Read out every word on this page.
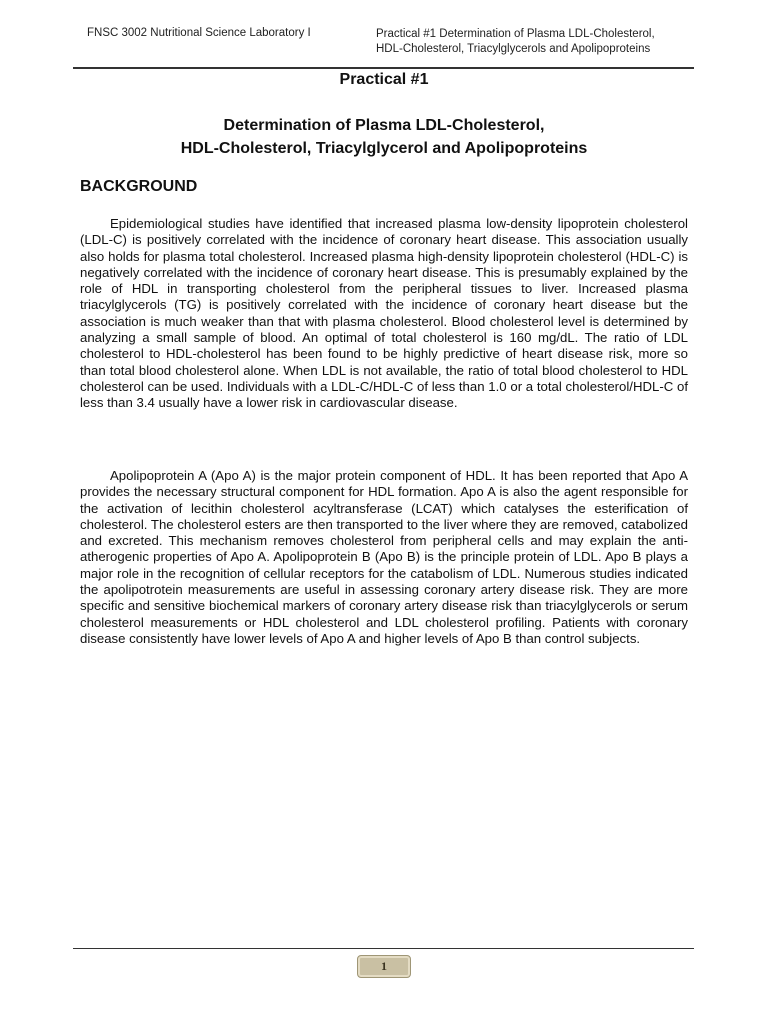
FNSC 3002 Nutritional Science Laboratory I	Practical #1 Determination of Plasma LDL-Cholesterol,
HDL-Cholesterol, Triacylglycerols and Apolipoproteins
Practical #1
Determination of Plasma LDL-Cholesterol,
HDL-Cholesterol, Triacylglycerol and Apolipoproteins
BACKGROUND

Epidemiological studies have identified that increased plasma low-density lipoprotein cholesterol (LDL-C) is positively correlated with the incidence of coronary heart disease. This association usually also holds for plasma total cholesterol. Increased plasma high-density lipoprotein cholesterol (HDL-C) is negatively correlated with the incidence of coronary heart disease. This is presumably explained by the role of HDL in transporting cholesterol from the peripheral tissues to liver. Increased plasma triacylglycerols (TG) is positively correlated with the incidence of coronary heart disease but the association is much weaker than that with plasma cholesterol. Blood cholesterol level is determined by analyzing a small sample of blood. An optimal of total cholesterol is 160 mg/dL. The ratio of LDL cholesterol to HDL-cholesterol has been found to be highly predictive of heart disease risk, more so than total blood cholesterol alone. When LDL is not available, the ratio of total blood cholesterol to HDL cholesterol can be used. Individuals with a LDL-C/HDL-C of less than 1.0 or a total cholesterol/HDL-C of less than 3.4 usually have a lower risk in cardiovascular disease.

Apolipoprotein A (Apo A) is the major protein component of HDL. It has been reported that Apo A provides the necessary structural component for HDL formation. Apo A is also the agent responsible for the activation of lecithin cholesterol acyltransferase (LCAT) which catalyses the esterification of cholesterol. The cholesterol esters are then transported to the liver where they are removed, catabolized and excreted. This mechanism removes cholesterol from peripheral cells and may explain the anti-atherogenic properties of Apo A. Apolipoprotein B (Apo B) is the principle protein of LDL. Apo B plays a major role in the recognition of cellular receptors for the catabolism of LDL. Numerous studies indicated the apolipotrotein measurements are useful in assessing coronary artery disease risk. They are more specific and sensitive biochemical markers of coronary artery disease risk than triacylglycerols or serum cholesterol measurements or HDL cholesterol and LDL cholesterol profiling. Patients with coronary disease consistently have lower levels of Apo A and higher levels of Apo B than control subjects.

1
